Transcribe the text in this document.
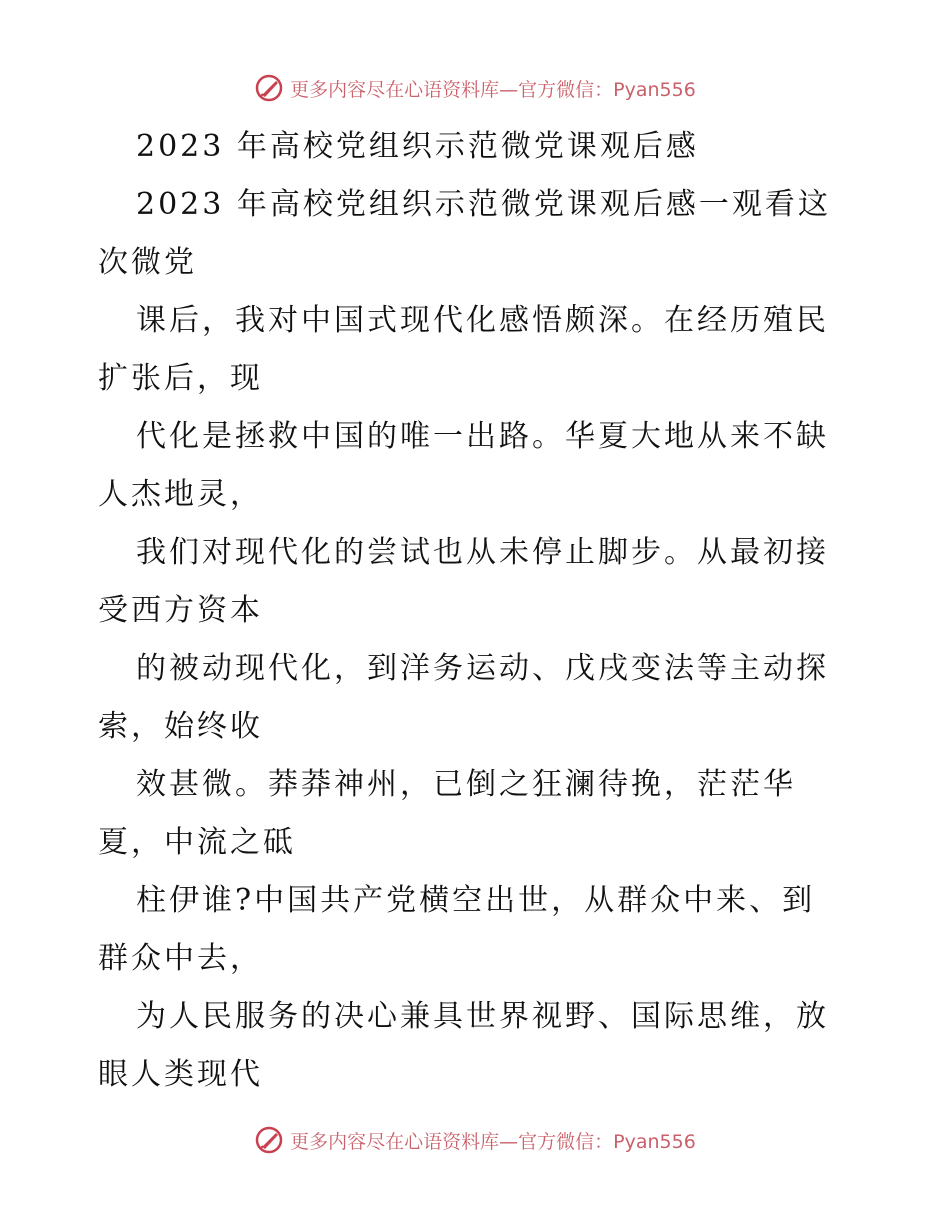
更多内容尽在心语资料库—官方微信：Pyan556
2023 年高校党组织示范微党课观后感
2023 年高校党组织示范微党课观后感一观看这
次微党
课后，我对中国式现代化感悟颇深。在经历殖民
扩张后，现
代化是拯救中国的唯一出路。华夏大地从来不缺
人杰地灵，
我们对现代化的尝试也从未停止脚步。从最初接
受西方资本
的被动现代化，到洋务运动、戊戌变法等主动探
索，始终收
效甚微。莽莽神州，已倒之狂澜待挽，茫茫华
夏，中流之砥
柱伊谁?中国共产党横空出世，从群众中来、到
群众中去，
为人民服务的决心兼具世界视野、国际思维，放
眼人类现代
更多内容尽在心语资料库—官方微信：Pyan556
